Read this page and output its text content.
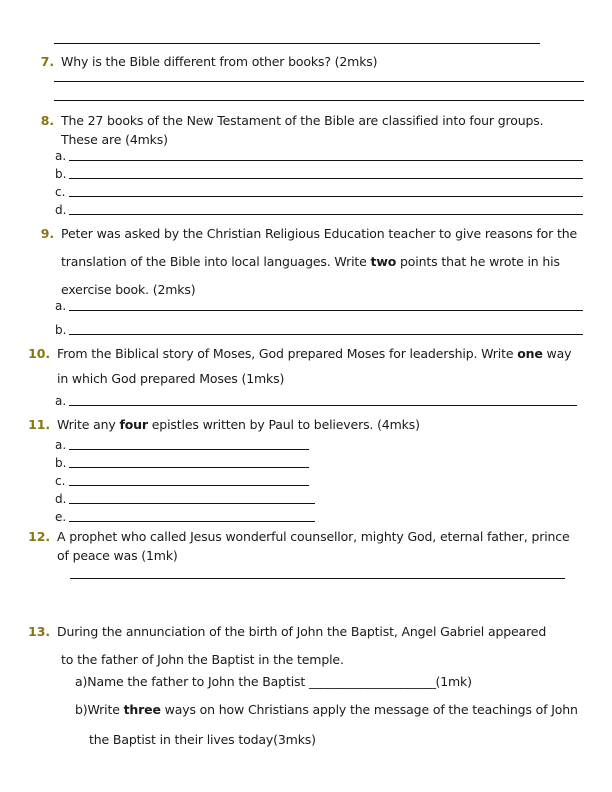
7. Why is the Bible different from other books? (2mks)
8. The 27 books of the New Testament of the Bible are classified into four groups.
These are (4mks)
a.
b.
c.
d.
9. Peter was asked by the Christian Religious Education teacher to give reasons for the
translation of the Bible into local languages. Write two points that he wrote in his
exercise book. (2mks)
a.
b.
10. From the Biblical story of Moses, God prepared Moses for leadership. Write one way
in which God prepared Moses (1mks)
a.
11. Write any four epistles written by Paul to believers. (4mks)
a.
b.
c.
d.
e.
12. A prophet who called Jesus wonderful counsellor, mighty God, eternal father, prince
of peace was (1mk)
13. During the annunciation of the birth of John the Baptist, Angel Gabriel appeared
to the father of John the Baptist in the temple.
a)Name the father to John the Baptist ______________________(1mk)
b)Write three ways on how Christians apply the message of the teachings of John
the Baptist in their lives today(3mks)
